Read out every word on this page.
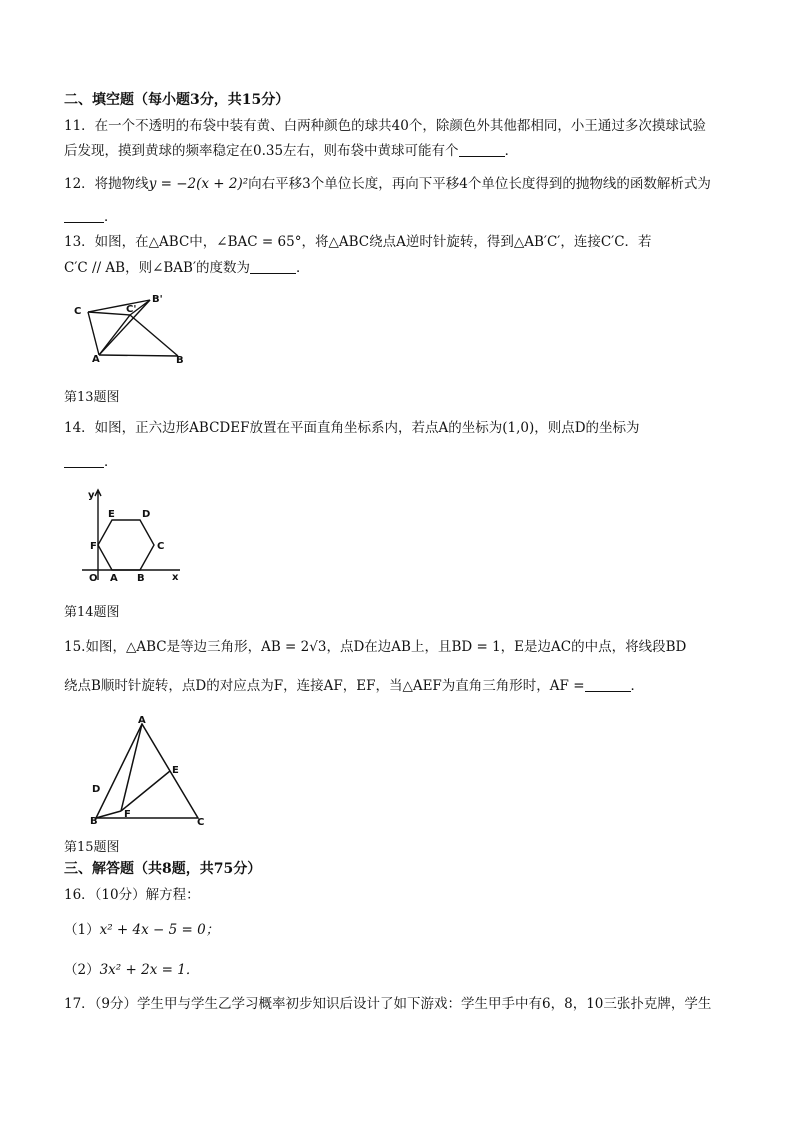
二、填空题（每小题3分，共15分）
11．在一个不透明的布袋中装有黄、白两种颜色的球共40个，除颜色外其他都相同，小王通过多次摸球试验
后发现，摸到黄球的频率稳定在0.35左右，则布袋中黄球可能有个	．
12．将抛物线y = −2(x + 2)²向右平移3个单位长度，再向下平移4个单位长度得到的抛物线的函数解析式为
．
13．如图，在△ABC中，∠BAC = 65°，将△ABC绕点A逆时针旋转，得到△AB′C′，连接C′C．若
C′C // AB，则∠BAB′的度数为	．
C	C'
B'
A	B
第13题图
14．如图，正六边形ABCDEF放置在平面直角坐标系内，若点A的坐标为(1,0)，则点D的坐标为
．
y
x
O A B
C
D
E
F
第14题图
15.如图，△ABC是等边三角形，AB = 2√3，点D在边AB上，且BD = 1，E是边AC的中点，将线段BD
绕点B顺时针旋转，点D的对应点为F，连接AF，EF，当△AEF为直角三角形时，AF =	．
A
B	C
D
E
F
第15题图
三、解答题（共8题，共75分）
16．（10分）解方程：
（1）x² + 4x − 5 = 0；
（2）3x² + 2x = 1．
17．（9分）学生甲与学生乙学习概率初步知识后设计了如下游戏：学生甲手中有6，8，10三张扑克牌，学生
